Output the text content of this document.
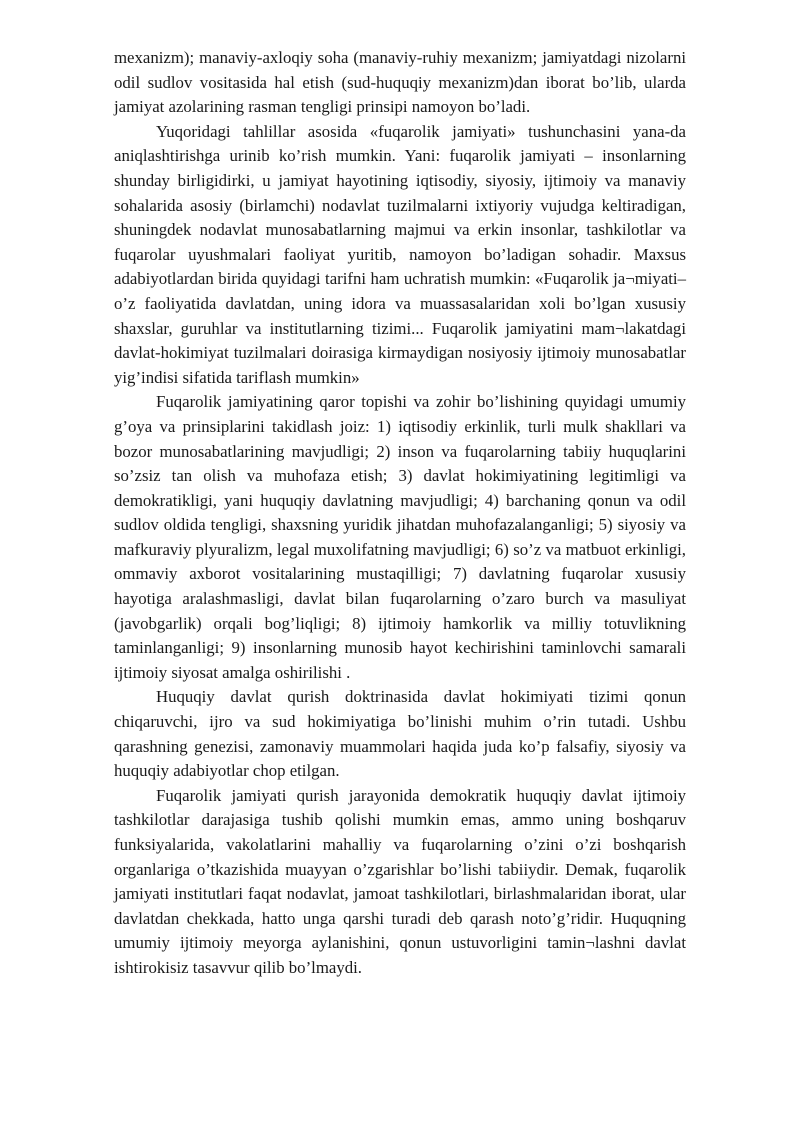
mexanizm); manaviy-axloqiy soha (manaviy-ruhiy mexanizm; jamiyatdagi nizolarni odil sudlov vositasida hal etish (sud-huquqiy mexanizm)dan iborat bo’lib, ularda jamiyat azolarining rasman tengligi prinsipi namoyon bo’ladi.

Yuqoridagi tahlillar asosida «fuqarolik jamiyati» tushunchasini yana-da aniqlashtirishga urinib ko’rish mumkin. Yani: fuqarolik jamiyati – insonlarning shunday birligidirki, u jamiyat hayotining iqtisodiy, siyosiy, ijtimoiy va manaviy sohalarida asosiy (birlamchi) nodavlat tuzilmalarni ixtiyoriy vujudga keltiradigan, shuningdek nodavlat munosabatlarning majmui va erkin insonlar, tashkilotlar va fuqarolar uyushmalari faoliyat yuritib, namoyon bo’ladigan sohadir. Maxsus adabiyotlardan birida quyidagi tarifni ham uchratish mumkin: «Fuqarolik ja¬miyati– o’z faoliyatida davlatdan, uning idora va muassasalaridan xoli bo’lgan xususiy shaxslar, guruhlar va institutlarning tizimi... Fuqarolik jamiyatini mam¬lakatdagi davlat-hokimiyat tuzilmalari doirasiga kirmaydigan nosiyosiy ijtimoiy munosabatlar yig’indisi sifatida tariflash mumkin»

Fuqarolik jamiyatining qaror topishi va zohir bo’lishining quyidagi umumiy g’oya va prinsiplarini takidlash joiz: 1) iqtisodiy erkinlik, turli mulk shakllari va bozor munosabatlarining mavjudligi; 2) inson va fuqarolarning tabiiy huquqlarini so’zsiz tan olish va muhofaza etish; 3) davlat hokimiyatining legitimligi va demokratikligi, yani huquqiy davlatning mavjudligi; 4) barchaning qonun va odil sudlov oldida tengligi, shaxsning yuridik jihatdan muhofazalanganligi; 5) siyosiy va mafkuraviy plyuralizm, legal muxolifatning mavjudligi; 6) so’z va matbuot erkinligi, ommaviy axborot vositalarining mustaqilligi; 7) davlatning fuqarolar xususiy hayotiga aralashmasligi, davlat bilan fuqarolarning o’zaro burch va masuliyat (javobgarlik) orqali bog’liqligi; 8) ijtimoiy hamkorlik va milliy totuvlikning taminlanganligi; 9) insonlarning munosib hayot kechirishini taminlovchi samarali ijtimoiy siyosat amalga oshirilishi .

Huquqiy davlat qurish doktrinasida davlat hokimiyati tizimi qonun chiqaruvchi, ijro va sud hokimiyatiga bo’linishi muhim o’rin tutadi. Ushbu qarashning genezisi, zamonaviy muammolari haqida juda ko’p falsafiy, siyosiy va huquqiy adabiyotlar chop etilgan.

Fuqarolik jamiyati qurish jarayonida demokratik huquqiy davlat ijtimoiy tashkilotlar darajasiga tushib qolishi mumkin emas, ammo uning boshqaruv funksiyalarida, vakolatlarini mahalliy va fuqarolarning o’zini o’zi boshqarish organlariga o’tkazishida muayyan o’zgarishlar bo’lishi tabiiydir. Demak, fuqarolik jamiyati institutlari faqat nodavlat, jamoat tashkilotlari, birlashmalaridan iborat, ular davlatdan chekkada, hatto unga qarshi turadi deb qarash noto’g’ridir. Huquqning umumiy ijtimoiy meyorga aylanishini, qonun ustuvorligini tamin¬lashni davlat ishtirokisiz tasavvur qilib bo’lmaydi.
